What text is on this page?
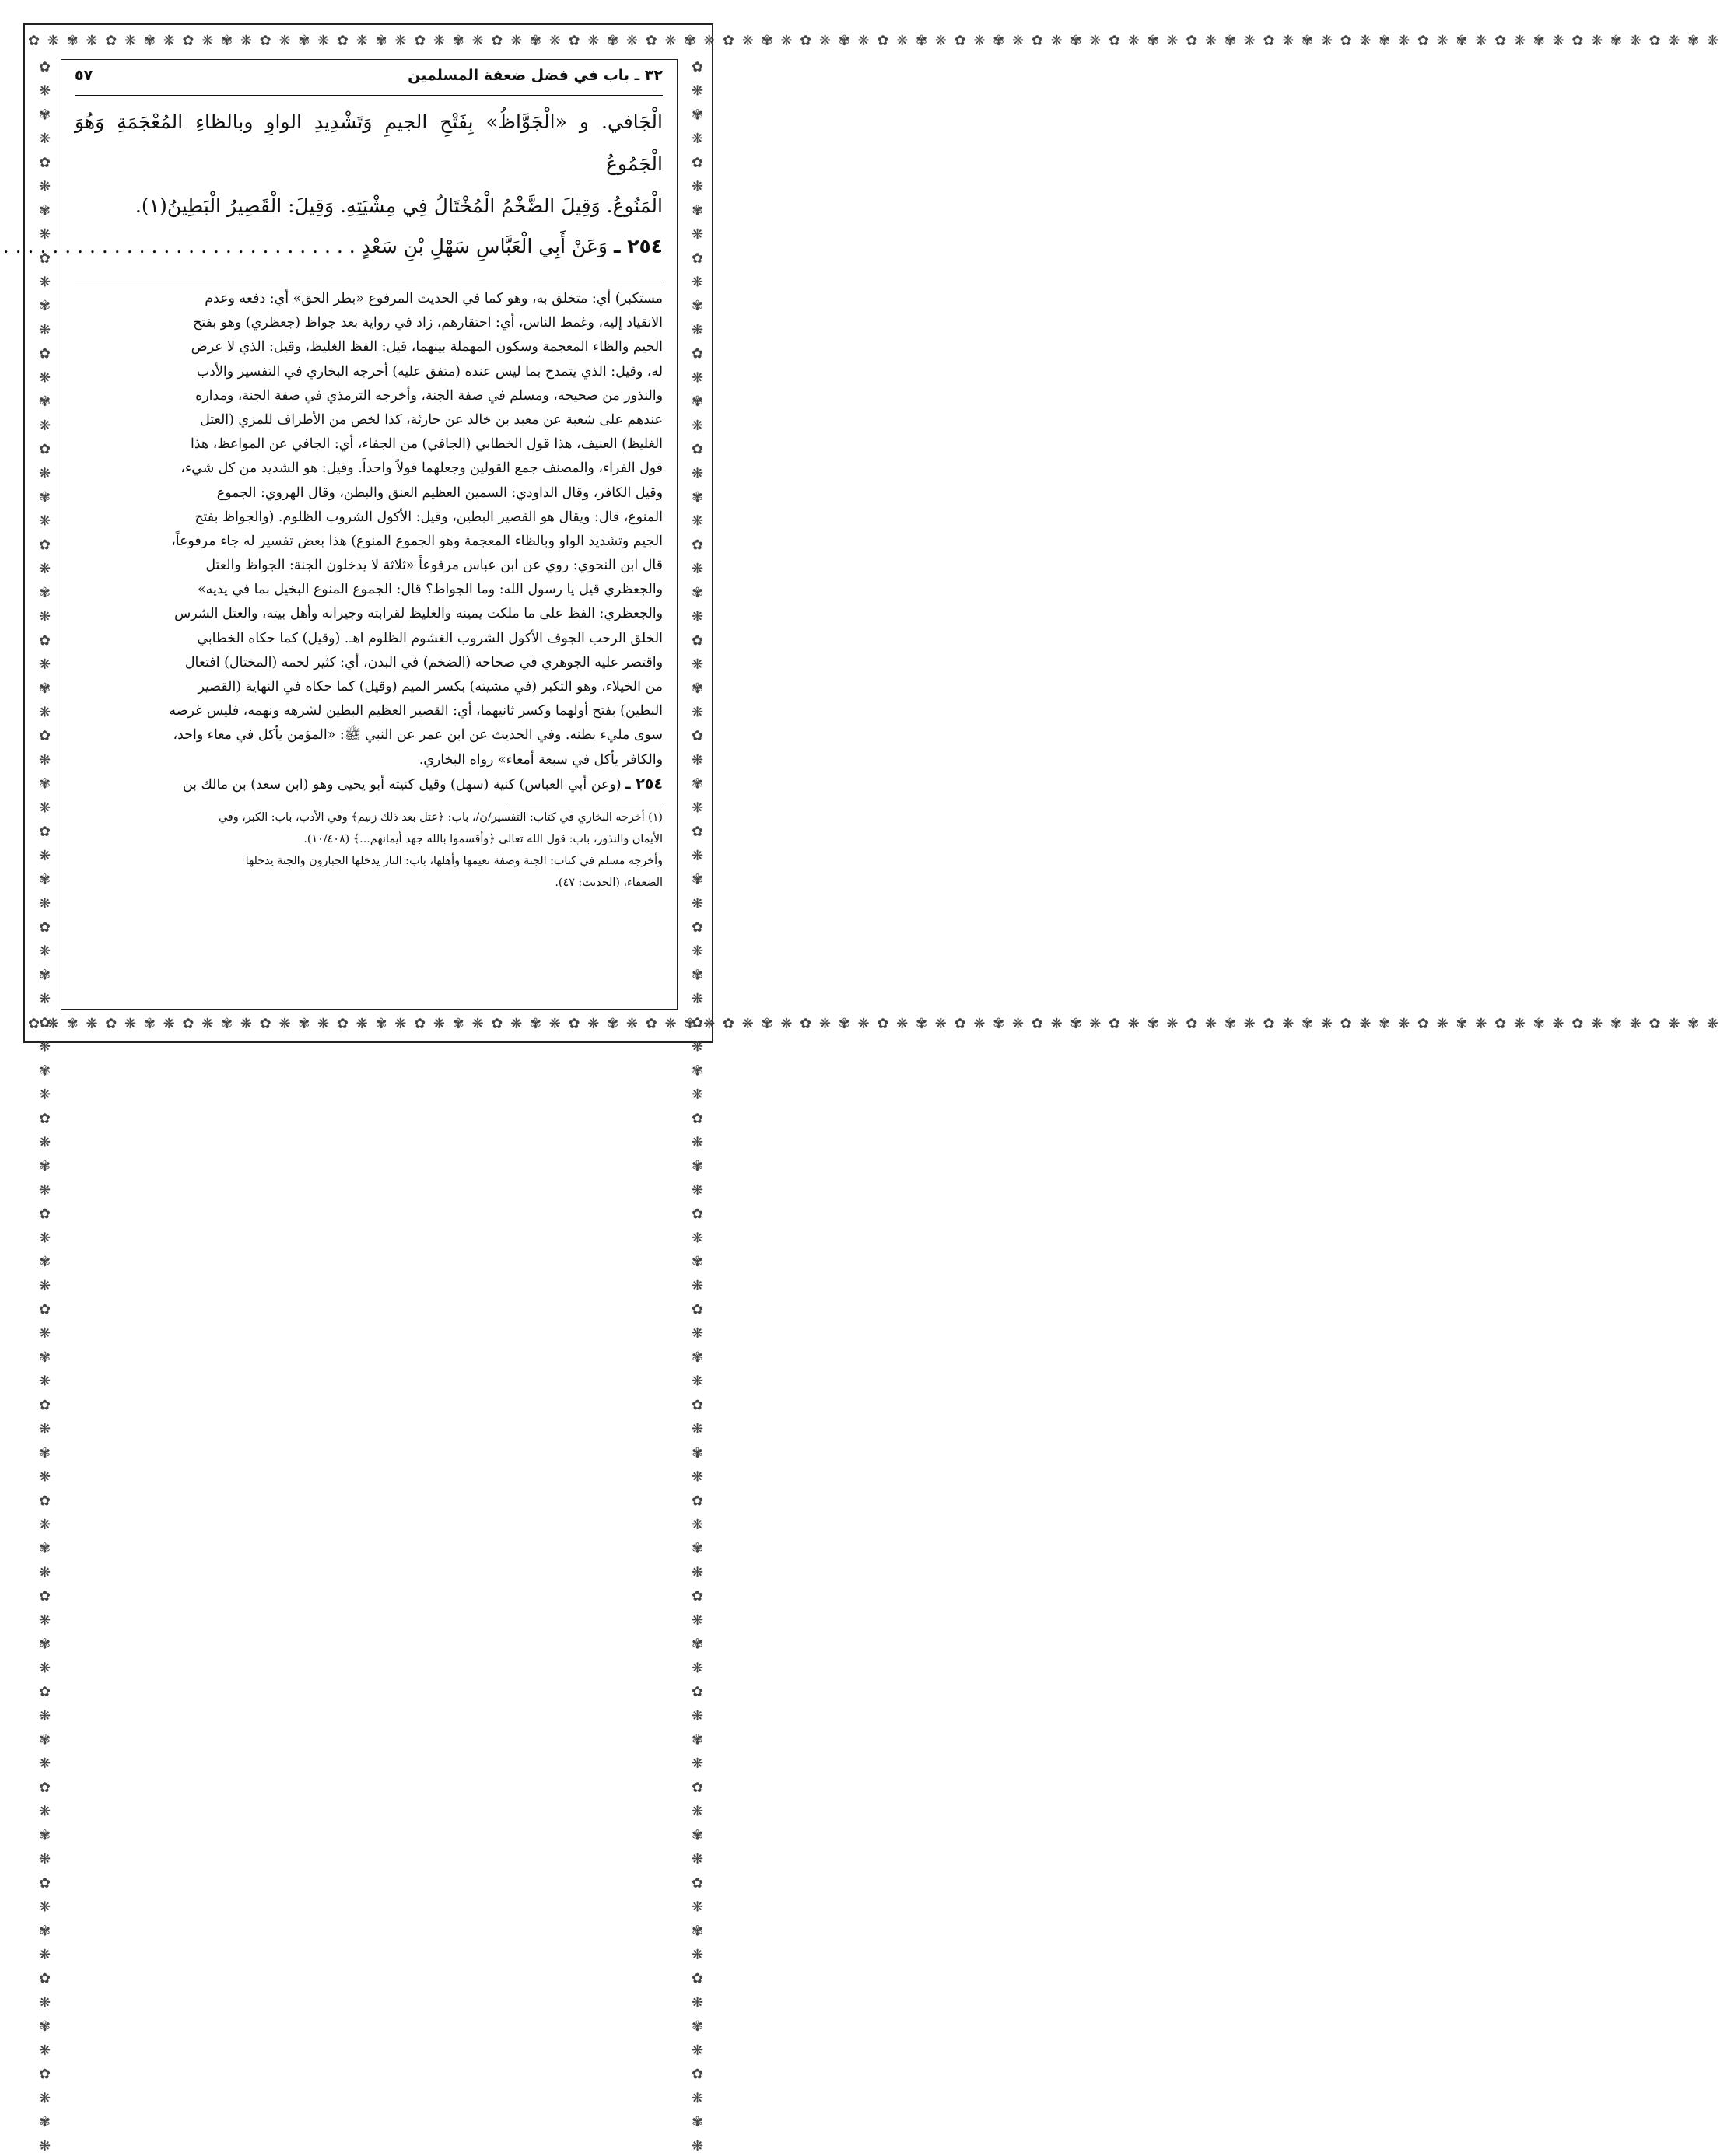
✿ ❋ ✾ ❋ ✿ ❋ ✾ ❋ ✿ ❋ ✾ ❋ ✿ ❋ ✾ ❋ ✿ ❋ ✾ ❋ ✿ ❋ ✾ ❋ ✿ ❋ ✾ ❋ ✿ ❋ ✾ ❋ ✿ ❋ ✾ ❋ ✿ ❋ ✾ ❋ ✿ ❋ ✾ ❋ ✿ ❋ ✾ ❋ ✿ ❋ ✾ ❋ ✿ ❋ ✾ ❋ ✿ ❋ ✾ ❋ ✿ ❋ ✾ ❋ ✿ ❋ ✾ ❋ ✿ ❋ ✾ ❋ ✿ ❋ ✾ ❋ ✿ ❋ ✾ ❋ ✿ ❋ ✾ ❋ ✿ ❋ ✾ ❋
✿ ❋ ✾ ❋ ✿ ❋ ✾ ❋ ✿ ❋ ✾ ❋ ✿ ❋ ✾ ❋ ✿ ❋ ✾ ❋ ✿ ❋ ✾ ❋ ✿ ❋ ✾ ❋ ✿ ❋ ✾ ❋ ✿ ❋ ✾ ❋ ✿ ❋ ✾ ❋ ✿ ❋ ✾ ❋ ✿ ❋ ✾ ❋ ✿ ❋ ✾ ❋ ✿ ❋ ✾ ❋ ✿ ❋ ✾ ❋ ✿ ❋ ✾ ❋ ✿ ❋ ✾ ❋ ✿ ❋ ✾ ❋ ✿ ❋ ✾ ❋ ✿ ❋ ✾ ❋ ✿ ❋ ✾ ❋ ✿ ❋ ✾ ❋
✿ ❋ ✾ ❋ ✿ ❋ ✾ ❋ ✿ ❋ ✾ ❋ ✿ ❋ ✾ ❋ ✿ ❋ ✾ ❋ ✿ ❋ ✾ ❋ ✿ ❋ ✾ ❋ ✿ ❋ ✾ ❋ ✿ ❋ ✾ ❋ ✿ ❋ ✾ ❋ ✿ ❋ ✾ ❋ ✿ ❋ ✾ ❋ ✿ ❋ ✾ ❋ ✿ ❋ ✾ ❋ ✿ ❋ ✾ ❋ ✿ ❋ ✾ ❋ ✿ ❋ ✾ ❋ ✿ ❋ ✾ ❋ ✿ ❋ ✾ ❋ ✿ ❋ ✾ ❋ ✿ ❋ ✾ ❋ ✿ ❋ ✾ ❋	✿ ❋ ✾ ❋ ✿ ❋ ✾ ❋ ✿ ❋ ✾ ❋ ✿ ❋ ✾ ❋ ✿ ❋ ✾ ❋ ✿ ❋ ✾ ❋ ✿ ❋ ✾ ❋ ✿ ❋ ✾ ❋ ✿ ❋ ✾ ❋ ✿ ❋ ✾ ❋ ✿ ❋ ✾ ❋ ✿ ❋ ✾ ❋ ✿ ❋ ✾ ❋ ✿ ❋ ✾ ❋ ✿ ❋ ✾ ❋ ✿ ❋ ✾ ❋ ✿ ❋ ✾ ❋ ✿ ❋ ✾ ❋ ✿ ❋ ✾ ❋ ✿ ❋ ✾ ❋ ✿ ❋ ✾ ❋ ✿ ❋ ✾ ❋
٣٢ ـ باب في فضل ضعفة المسلمين
٥٧
الْجَافي. و «الْجَوَّاظُ» بِفَتْحِ الجيمِ وَتَشْدِيدِ الواوِ وبالظاءِ المُعْجَمَةِ وَهُوَ الْجَمُوعُ
الْمَنُوعُ. وَقِيلَ الضَّخْمُ الْمُخْتَالُ فِي مِشْيَتِهِ. وَقِيلَ: الْقَصِيرُ الْبَطِينُ(١).
٢٥٤ ـ وَعَنْ أَبِي الْعَبَّاسِ سَهْلِ بْنِ سَعْدٍ . . . . . . . . . . . . . . . . . . . . . . . . . . . . .
مستكبر) أي: متخلق به، وهو كما في الحديث المرفوع «بطر الحق» أي: دفعه وعدم
الانقياد إليه، وغمط الناس، أي: احتقارهم، زاد في رواية بعد جواظ (جعظري) وهو بفتح
الجيم والظاء المعجمة وسكون المهملة بينهما، قيل: الفظ الغليظ، وقيل: الذي لا عرض
له، وقيل: الذي يتمدح بما ليس عنده (متفق عليه) أخرجه البخاري في التفسير والأدب
والنذور من صحيحه، ومسلم في صفة الجنة، وأخرجه الترمذي في صفة الجنة، ومداره
عندهم على شعبة عن معبد بن خالد عن حارثة، كذا لخص من الأطراف للمزي (العتل
الغليظ) العنيف، هذا قول الخطابي (الجافي) من الجفاء، أي: الجافي عن المواعظ، هذا
قول الفراء، والمصنف جمع القولين وجعلهما قولاً واحداً. وقيل: هو الشديد من كل شيء،
وقيل الكافر، وقال الداودي: السمين العظيم العنق والبطن، وقال الهروي: الجموع
المنوع، قال: ويقال هو القصير البطين، وقيل: الأكول الشروب الظلوم. (والجواظ بفتح
الجيم وتشديد الواو وبالظاء المعجمة وهو الجموع المنوع) هذا بعض تفسير له جاء مرفوعاً،
قال ابن النحوي: روي عن ابن عباس مرفوعاً «ثلاثة لا يدخلون الجنة: الجواظ والعتل
والجعظري قيل يا رسول الله: وما الجواظ؟ قال: الجموع المنوع البخيل بما في يديه»
والجعظري: الفظ على ما ملكت يمينه والغليظ لقرابته وجيرانه وأهل بيته، والعتل الشرس
الخلق الرحب الجوف الأكول الشروب الغشوم الظلوم اهـ. (وقيل) كما حكاه الخطابي
واقتصر عليه الجوهري في صحاحه (الضخم) في البدن، أي: كثير لحمه (المختال) افتعال
من الخيلاء، وهو التكبر (في مشيته) بكسر الميم (وقيل) كما حكاه في النهاية (القصير
البطين) بفتح أولهما وكسر ثانيهما، أي: القصير العظيم البطين لشرهه ونهمه، فليس غرضه
سوى مليء بطنه. وفي الحديث عن ابن عمر عن النبي ﷺ: «المؤمن يأكل في معاء واحد،
والكافر يأكل في سبعة أمعاء» رواه البخاري.
٢٥٤ ـ (وعن أبي العباس) كنية (سهل) وقيل كنيته أبو يحيى وهو (ابن سعد) بن مالك بن
(١) أخرجه البخاري في كتاب: التفسير/ن/، باب: ﴿عتل بعد ذلك زنيم﴾ وفي الأدب، باب: الكبر، وفي
الأيمان والنذور، باب: قول الله تعالى ﴿وأقسموا بالله جهد أيمانهم...﴾ (١٠/٤٠٨).
وأخرجه مسلم في كتاب: الجنة وصفة نعيمها وأهلها، باب: النار يدخلها الجبارون والجنة يدخلها
الضعفاء، (الحديث: ٤٧).
